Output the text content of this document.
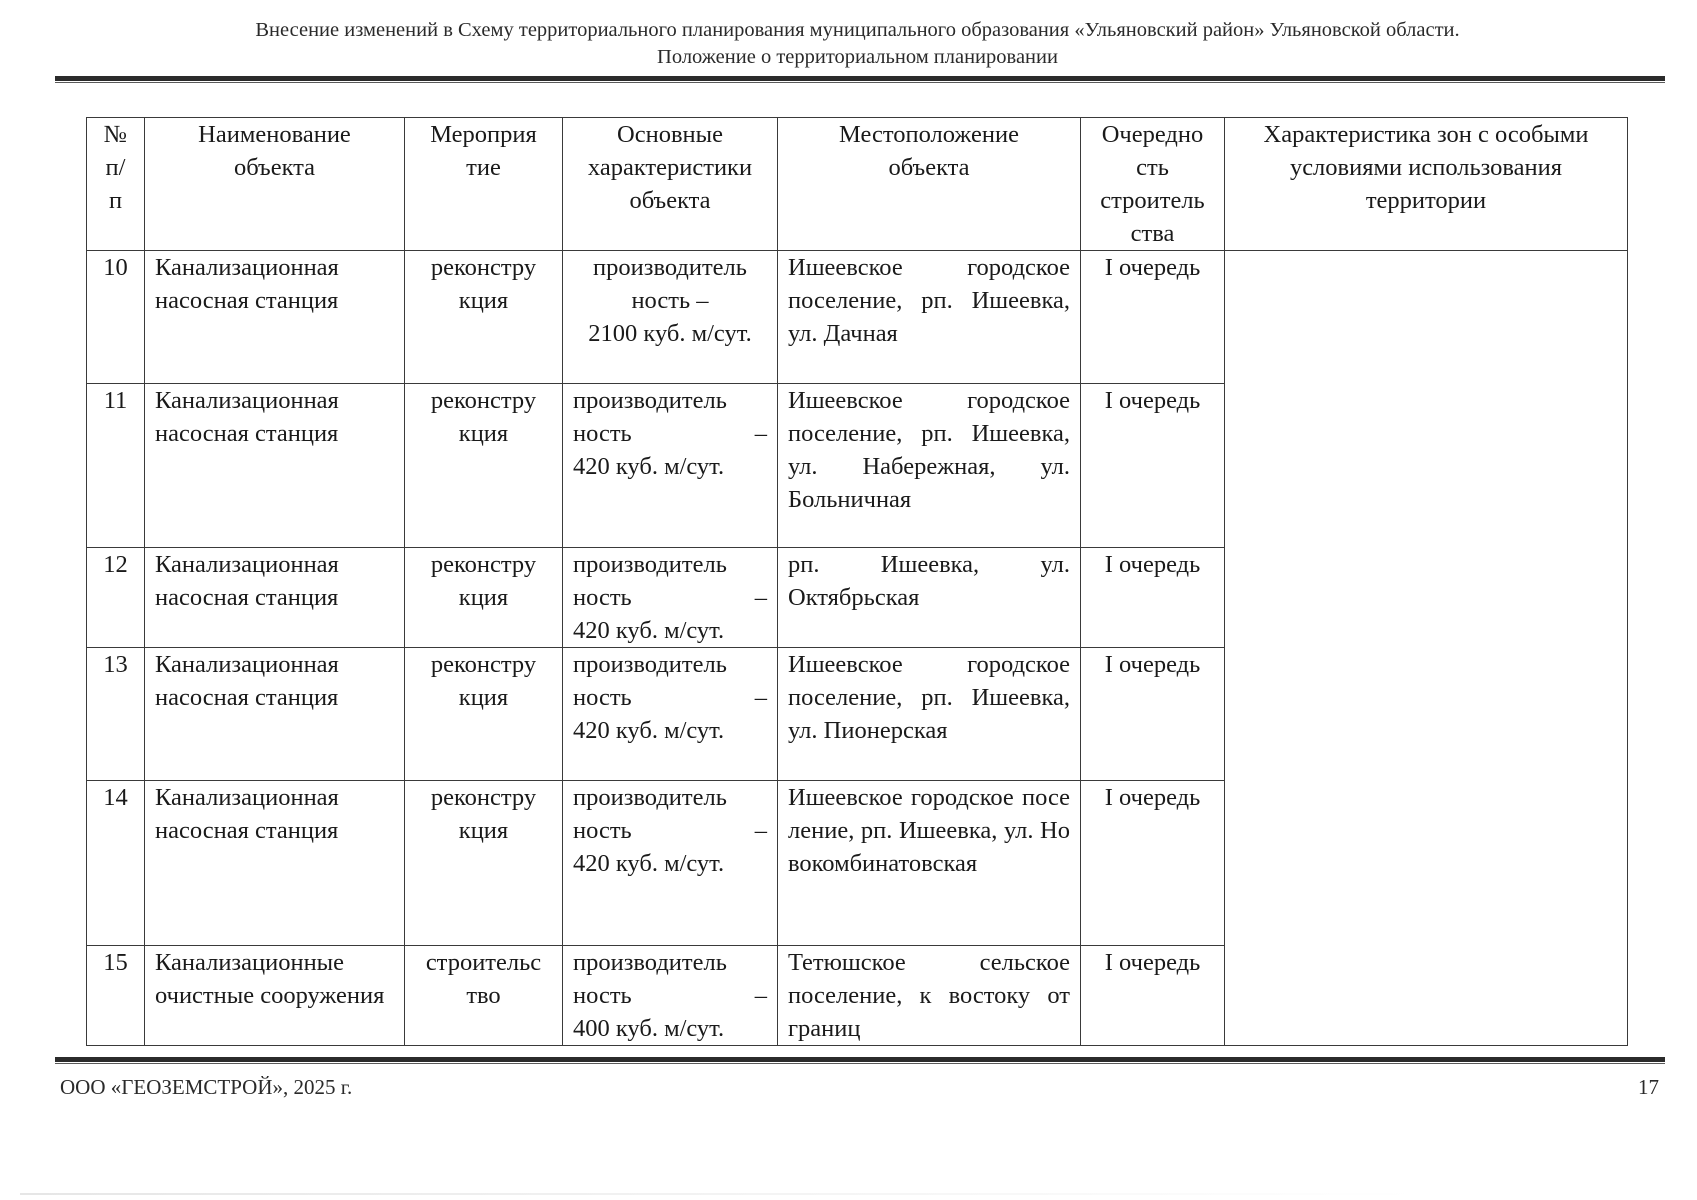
Внесение изменений в Схему территориального планирования муниципального образования «Ульяновский район» Ульяновской области.
Положение о территориальном планировании
№
п/
п	Наименование
объекта	Мероприя
тие	Основные
характеристики
объекта	Местоположение
объекта	Очередно
сть
строитель
ства	Характеристика зон с особыми условиями использования территории
10	Канализационная насосная станция	реконстру
кция	производитель
ность –
2100 куб. м/сут.	Ишеевское городское поселение, рп. Ишеевка, ул. Дачная	I очередь	
11	Канализационная насосная станция	реконстру
кция	производитель
ность –
420 куб. м/сут.	Ишеевское городское поселение, рп. Ишеевка, ул. Набережная, ул. Больничная	I очередь	
12	Канализационная насосная станция	реконстру
кция	производитель
ность –
420 куб. м/сут.	рп. Ишеевка, ул. Октябрьская	I очередь	
13	Канализационная насосная станция	реконстру
кция	производитель
ность –
420 куб. м/сут.	Ишеевское городское поселение, рп. Ишеевка, ул. Пионерская	I очередь	
14	Канализационная насосная станция	реконстру
кция	производитель
ность –
420 куб. м/сут.	Ишеевское городское поселение, рп. Ишеевка, ул. Новокомбинатовская	I очередь	
15	Канализационные очистные сооружения	строительс
тво	производитель
ность –
400 куб. м/сут.	Тетюшское сельское поселение, к востоку от границ	I очередь	
ООО «ГЕОЗЕМСТРОЙ», 2025 г.	17
